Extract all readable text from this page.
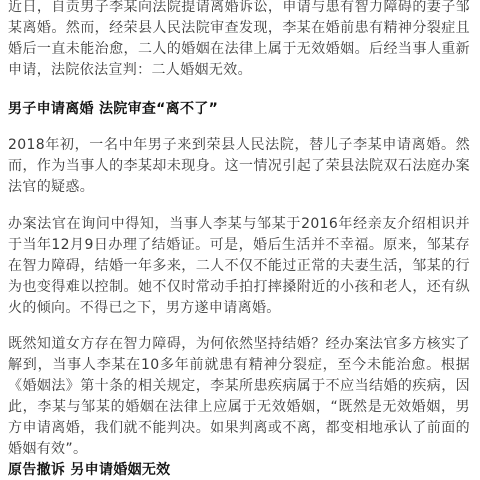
近日，自贡男子李某向法院提请离婚诉讼，申请与患有智力障碍的妻子邹某离婚。然而，经荣县人民法院审查发现，李某在婚前患有精神分裂症且婚后一直未能治愈，二人的婚姻在法律上属于无效婚姻。后经当事人重新申请，法院依法宣判：二人婚姻无效。

男子申请离婚 法院审查“离不了”

2018年初，一名中年男子来到荣县人民法院，替儿子李某申请离婚。然而，作为当事人的李某却未现身。这一情况引起了荣县法院双石法庭办案法官的疑惑。

办案法官在询问中得知，当事人李某与邹某于2016年经亲友介绍相识并于当年12月9日办理了结婚证。可是，婚后生活并不幸福。原来，邹某存在智力障碍，结婚一年多来，二人不仅不能过正常的夫妻生活，邹某的行为也变得难以控制。她不仅时常动手拍打摔搡附近的小孩和老人，还有纵火的倾向。不得已之下，男方遂申请离婚。

既然知道女方存在智力障碍，为何依然坚持结婚？经办案法官多方核实了解到，当事人李某在10多年前就患有精神分裂症，至今未能治愈。根据《婚姻法》第十条的相关规定，李某所患疾病属于不应当结婚的疾病，因此，李某与邹某的婚姻在法律上应属于无效婚姻，“既然是无效婚姻，男方申请离婚，我们就不能判决。如果判离或不离，都变相地承认了前面的婚姻有效”。

原告撤诉 另申请婚姻无效
